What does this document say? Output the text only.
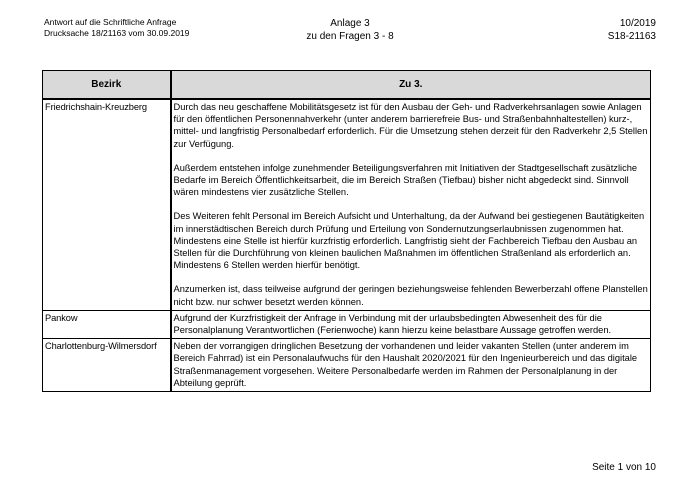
Antwort auf die Schriftliche Anfrage
Drucksache 18/21163 vom 30.09.2019
Anlage 3
zu den Fragen 3 - 8
10/2019
S18-21163
Bezirk	Zu 3.
Friedrichshain-Kreuzberg	Durch das neu geschaffene Mobilitätsgesetz ist für den Ausbau der Geh- und Radverkehrsanlagen sowie Anlagen für den öffentlichen Personennahverkehr (unter anderem barrierefreie Bus- und Straßenbahnhaltestellen) kurz-, mittel- und langfristig Personalbedarf erforderlich. Für die Umsetzung stehen derzeit für den Radverkehr 2,5 Stellen zur Verfügung.
Außerdem entstehen infolge zunehmender Beteiligungsverfahren mit Initiativen der Stadtgesellschaft zusätzliche Bedarfe im Bereich Öffentlichkeitsarbeit, die im Bereich Straßen (Tiefbau) bisher nicht abgedeckt sind. Sinnvoll wären mindestens vier zusätzliche Stellen.
Des Weiteren fehlt Personal im Bereich Aufsicht und Unterhaltung, da der Aufwand bei gestiegenen Bautätigkeiten im innerstädtischen Bereich durch Prüfung und Erteilung von Sondernutzungserlaubnissen zugenommen hat. Mindestens eine Stelle ist hierfür kurzfristig erforderlich. Langfristig sieht der Fachbereich Tiefbau den Ausbau an Stellen für die Durchführung von kleinen baulichen Maßnahmen im öffentlichen Straßenland als erforderlich an. Mindestens 6 Stellen werden hierfür benötigt.
Anzumerken ist, dass teilweise aufgrund der geringen beziehungsweise fehlenden Bewerberzahl offene Planstellen nicht bzw. nur schwer besetzt werden können.

Pankow	Aufgrund der Kurzfristigkeit der Anfrage in Verbindung mit der urlaubsbedingten Abwesenheit des für die Personalplanung Verantwortlichen (Ferienwoche) kann hierzu keine belastbare Aussage getroffen werden.

Charlottenburg-Wilmersdorf	Neben der vorrangigen dringlichen Besetzung der vorhandenen und leider vakanten Stellen (unter anderem im Bereich Fahrrad) ist ein Personalaufwuchs für den Haushalt 2020/2021 für den Ingenieurbereich und das digitale Straßenmanagement vorgesehen. Weitere Personalbedarfe werden im Rahmen der Personalplanung in der Abteilung geprüft.
Seite 1 von 10
